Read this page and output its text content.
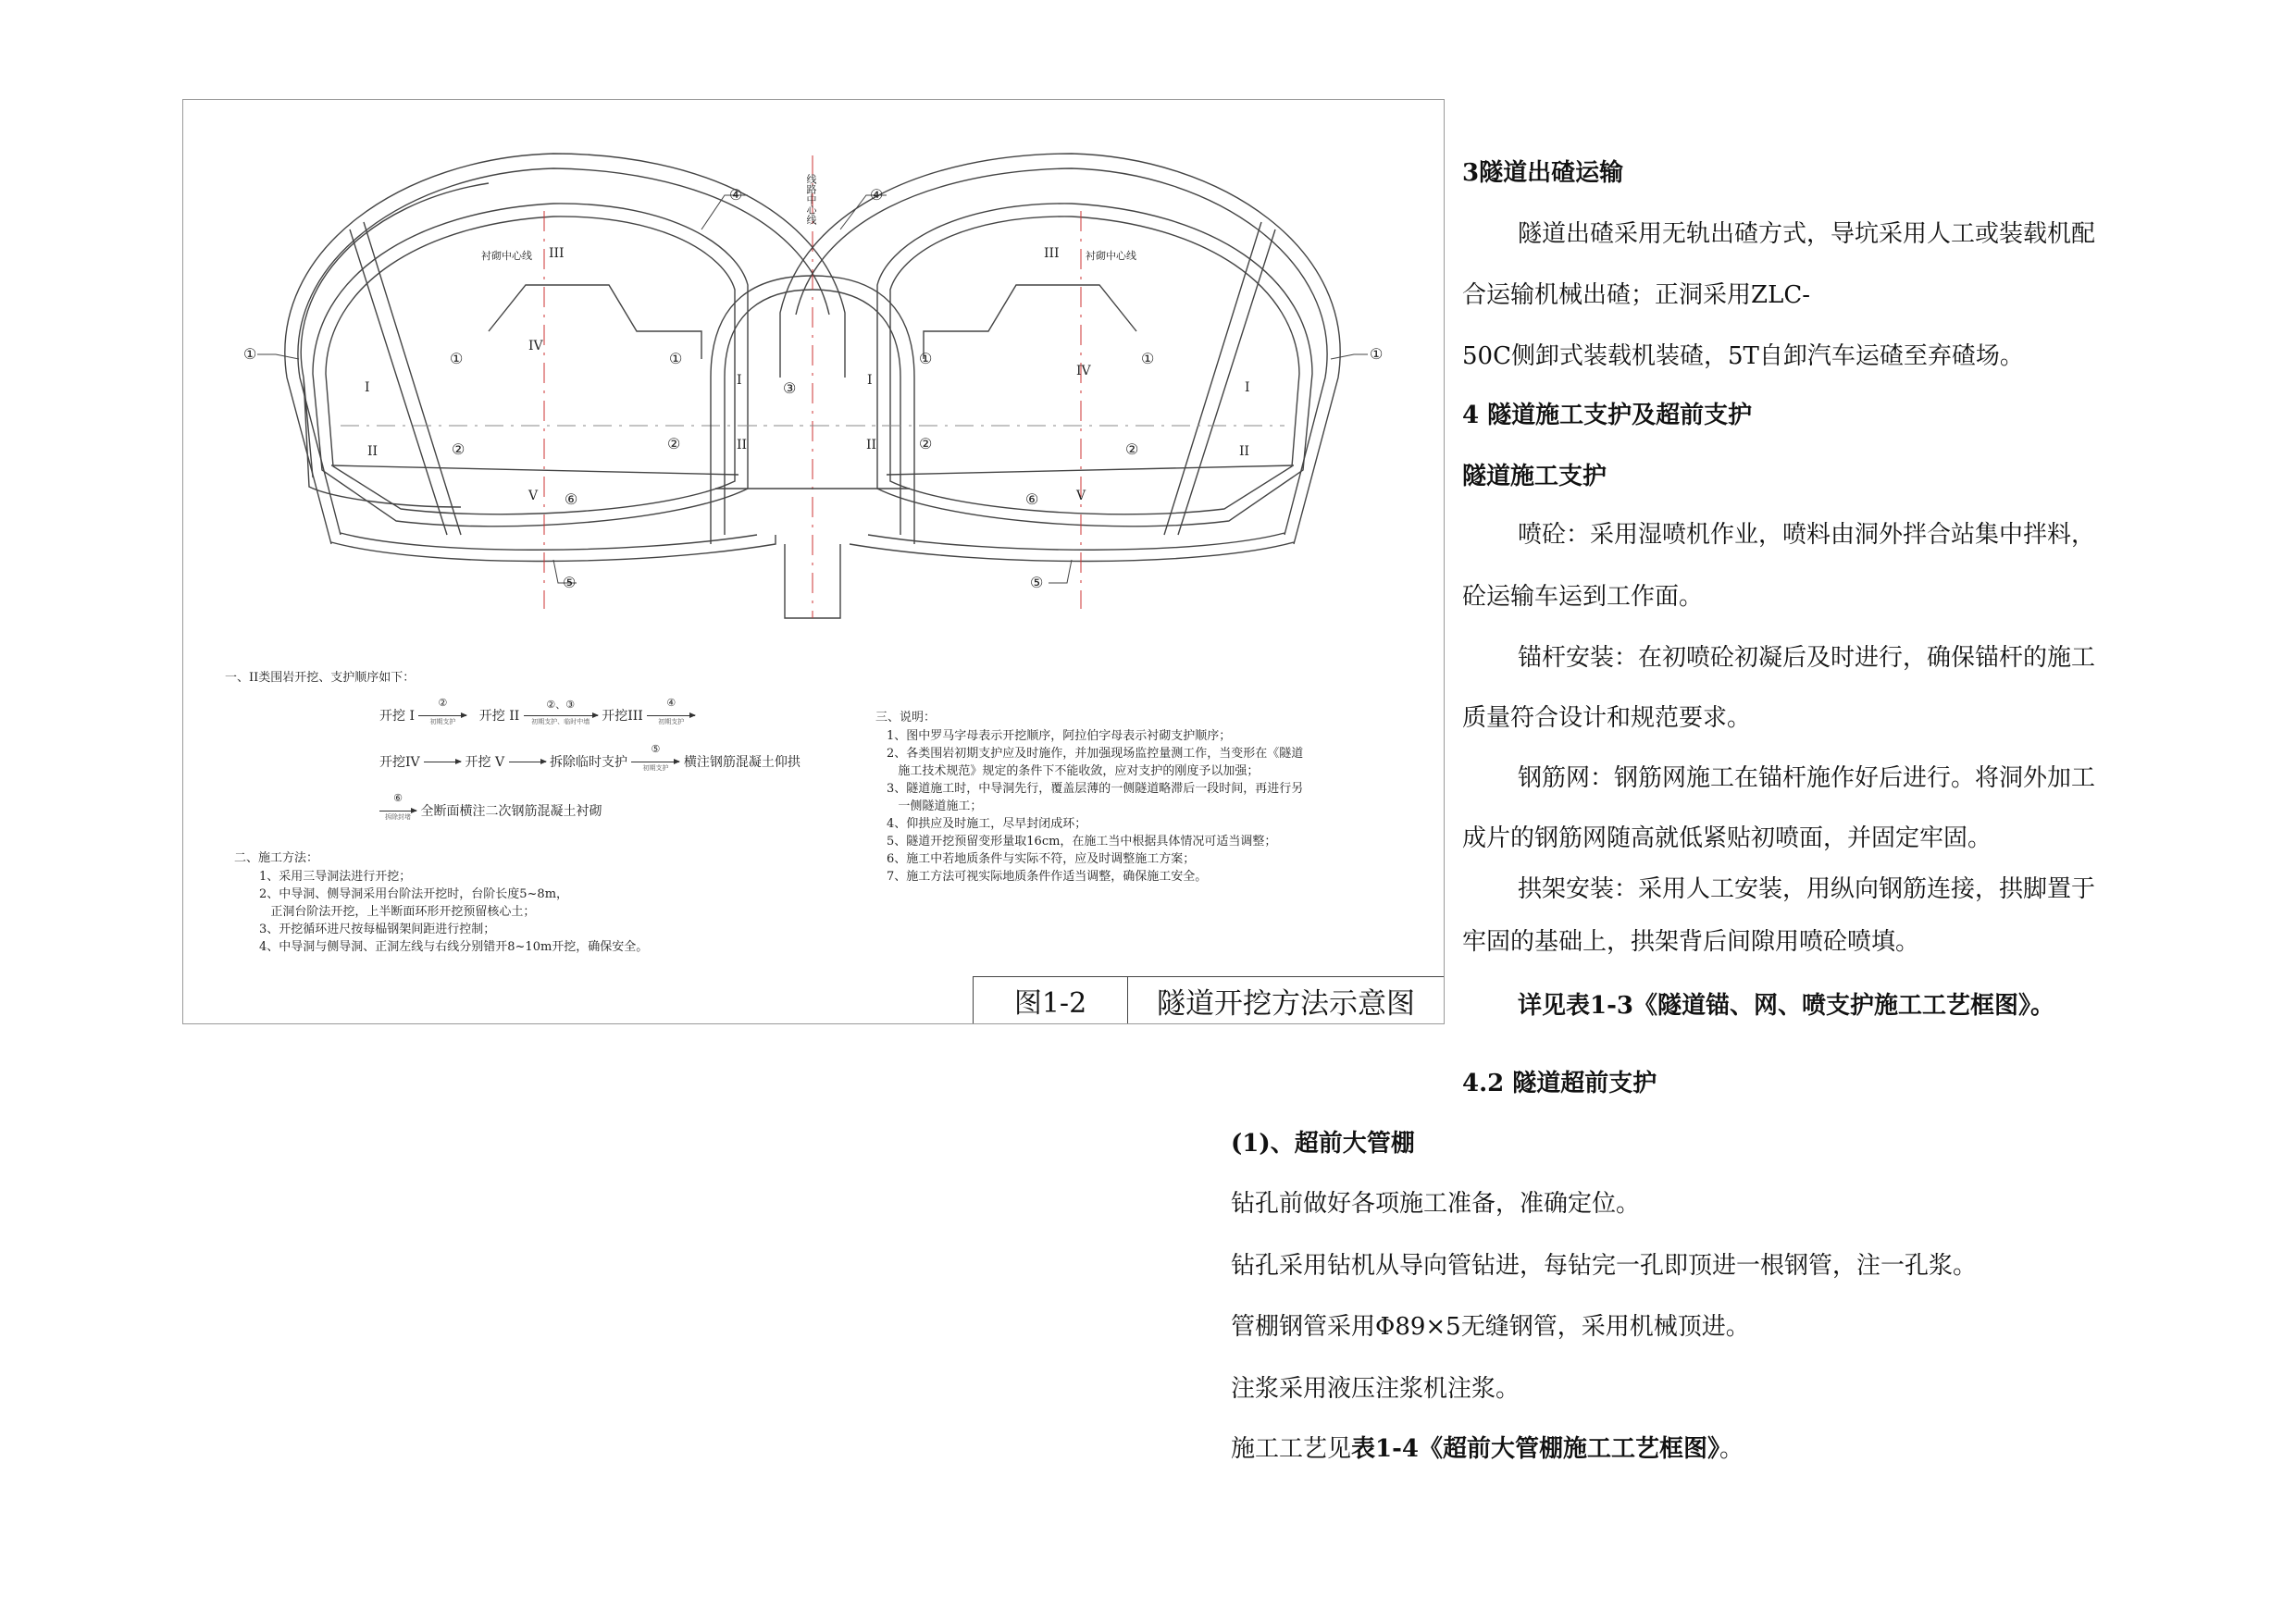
线路中心线
衬砌中心线	衬砌中心线
III	III
IV
IV
I	I
I	I
II	II
II	II
V	V
④	④
①	①
①	①	①	①
②	②	②	②
③
⑥	⑥
⑤	⑤
一、II类围岩开挖、支护顺序如下：
开挖 I
②
初期支护	开挖 II
②、③
初期支护、临时中墙 开挖III
④
初期支护
开挖IV	开挖 V	拆除临时支护
⑤
初期支护	横注钢筋混凝土仰拱
⑥
拆除封堵 全断面横注二次钢筋混凝土衬砌
二、施工方法：
1、采用三导洞法进行开挖；
2、中导洞、侧导洞采用台阶法开挖时，台阶长度5~8m，
正洞台阶法开挖，上半断面环形开挖预留核心土；
3、开挖循环进尺按每榀钢架间距进行控制；
4、中导洞与侧导洞、正洞左线与右线分别错开8~10m开挖，确保安全。
三、说明：
1、图中罗马字母表示开挖顺序，阿拉伯字母表示衬砌支护顺序；
2、各类围岩初期支护应及时施作，并加强现场监控量测工作，当变形在《隧道
施工技术规范》规定的条件下不能收敛，应对支护的刚度予以加强；
3、隧道施工时，中导洞先行，覆盖层薄的一侧隧道略滞后一段时间，再进行另
一侧隧道施工；
4、仰拱应及时施工，尽早封闭成环；
5、隧道开挖预留变形量取16cm，在施工当中根据具体情况可适当调整；
6、施工中若地质条件与实际不符，应及时调整施工方案；
7、施工方法可视实际地质条件作适当调整，确保施工安全。
图1-2	隧道开挖方法示意图
3隧道出碴运输
隧道出碴采用无轨出碴方式，导坑采用人工或装载机配
合运输机械出碴；正洞采用ZLC-
50C侧卸式装载机装碴，5T自卸汽车运碴至弃碴场。
4 隧道施工支护及超前支护
隧道施工支护
喷砼：采用湿喷机作业，喷料由洞外拌合站集中拌料，
砼运输车运到工作面。
锚杆安装：在初喷砼初凝后及时进行，确保锚杆的施工
质量符合设计和规范要求。
钢筋网：钢筋网施工在锚杆施作好后进行。将洞外加工
成片的钢筋网随高就低紧贴初喷面，并固定牢固。
拱架安装：采用人工安装，用纵向钢筋连接，拱脚置于
牢固的基础上，拱架背后间隙用喷砼喷填。
详见表1-3《隧道锚、网、喷支护施工工艺框图》。
4.2 隧道超前支护
(1)、超前大管棚
钻孔前做好各项施工准备，准确定位。
钻孔采用钻机从导向管钻进，每钻完一孔即顶进一根钢管，注一孔浆。
管棚钢管采用Φ89×5无缝钢管，采用机械顶进。
注浆采用液压注浆机注浆。
施工工艺见表1-4《超前大管棚施工工艺框图》。
